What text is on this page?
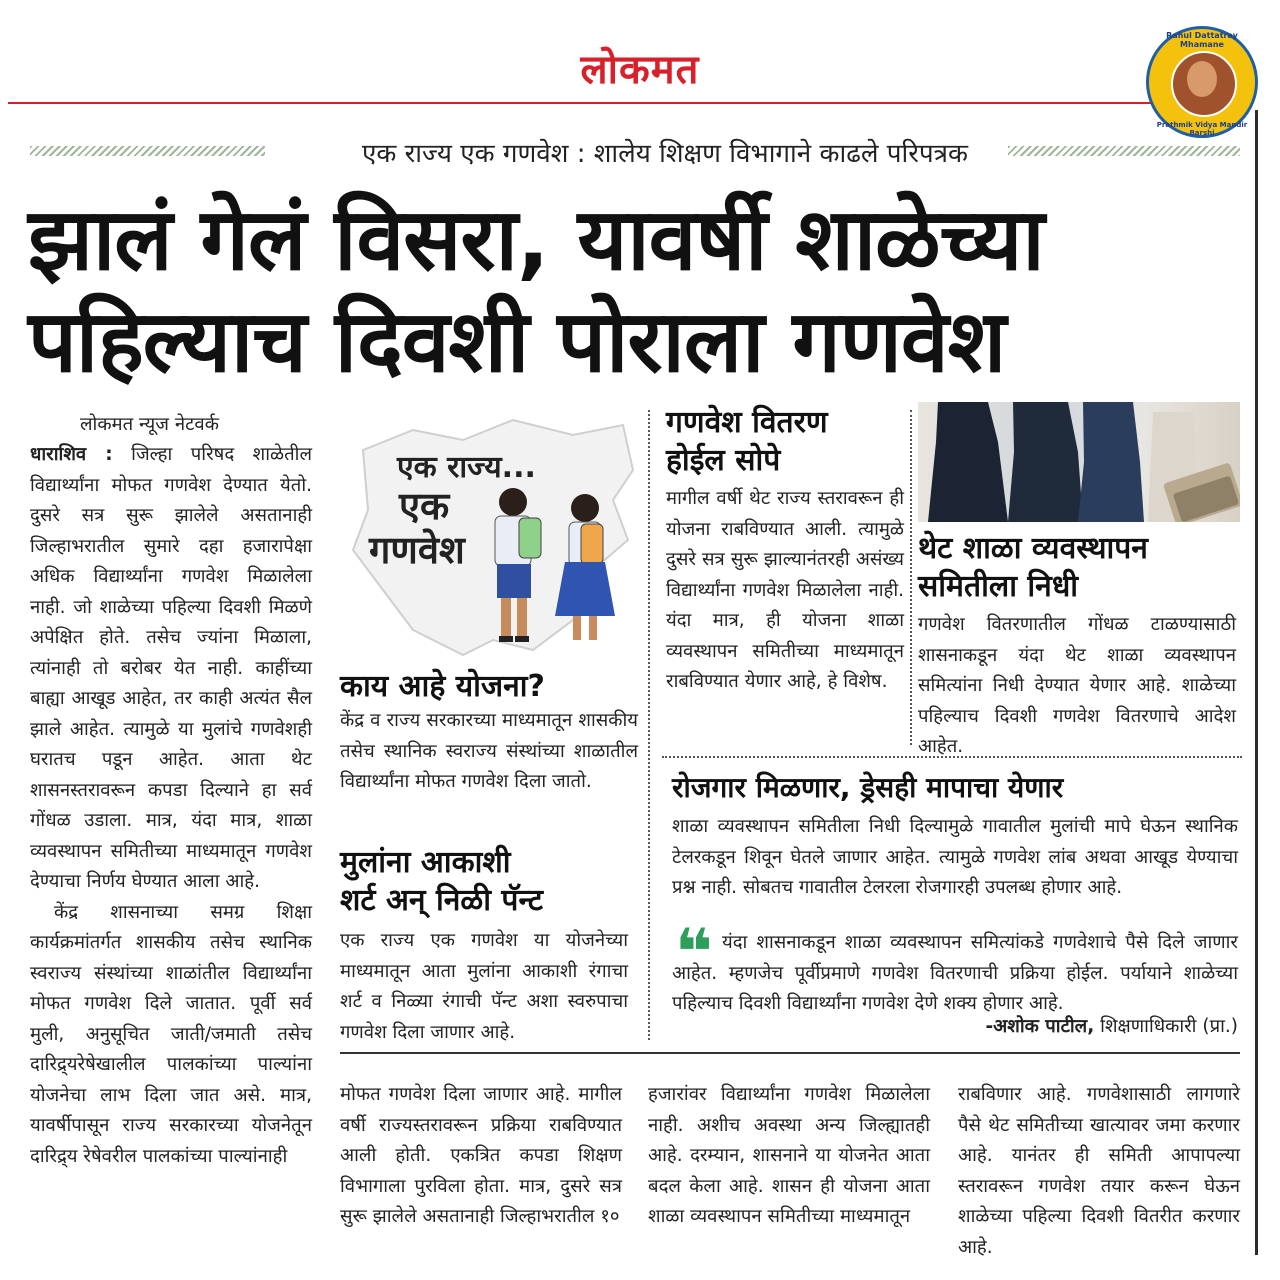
लोकमत
Rahul Dattatray Mhamane
Prathmik Vidya Mandir Barshi
एक राज्य एक गणवेश : शालेय शिक्षण विभागाने काढले परिपत्रक
झालं गेलं विसरा, यावर्षी शाळेच्या
पहिल्याच दिवशी पोराला गणवेश
लोकमत न्यूज नेटवर्क

धाराशिव : जिल्हा परिषद शाळेतील विद्यार्थ्यांना मोफत गणवेश देण्यात येतो. दुसरे सत्र सुरू झालेले असतानाही जिल्हाभरातील सुमारे दहा हजारापेक्षा अधिक विद्यार्थ्यांना गणवेश मिळालेला नाही. जो शाळेच्या पहिल्या दिवशी मिळणे अपेक्षित होते. तसेच ज्यांना मिळाला, त्यांनाही तो बरोबर येत नाही. काहींच्या बाह्या आखूड आहेत, तर काही अत्यंत सैल झाले आहेत. त्यामुळे या मुलांचे गणवेशही घरातच पडून आहेत. आता थेट शासनस्तरावरून कपडा दिल्याने हा सर्व गोंधळ उडाला. मात्र, यंदा मात्र, शाळा व्यवस्थापन समितीच्या माध्यमातून गणवेश देण्याचा निर्णय घेण्यात आला आहे.

केंद्र शासनाच्या समग्र शिक्षा कार्यक्रमांतर्गत शासकीय तसेच स्थानिक स्वराज्य संस्थांच्या शाळांतील विद्यार्थ्यांना मोफत गणवेश दिले जातात. पूर्वी सर्व मुली, अनुसूचित जाती/जमाती तसेच दारिद्र्यरेषेखालील पालकांच्या पाल्यांना योजनेचा लाभ दिला जात असे. मात्र, यावर्षीपासून राज्य सरकारच्या योजनेतून दारिद्र्य रेषेवरील पालकांच्या पाल्यांनाही

एक राज्य...
एक
गणवेश
काय आहे योजना?
केंद्र व राज्य सरकारच्या माध्यमातून शासकीय तसेच स्थानिक स्वराज्य संस्थांच्या शाळातील विद्यार्थ्यांना मोफत गणवेश दिला जातो.
मुलांना आकाशी
शर्ट अन् निळी पॅन्ट
एक राज्य एक गणवेश या योजनेच्या माध्यमातून आता मुलांना आकाशी रंगाचा शर्ट व निळ्या रंगाची पॅन्ट अशा स्वरुपाचा गणवेश दिला जाणार आहे.
गणवेश वितरण
होईल सोपे
मागील वर्षी थेट राज्य स्तरावरून ही योजना राबविण्यात आली. त्यामुळे दुसरे सत्र सुरू झाल्यानंतरही असंख्य विद्यार्थ्यांना गणवेश मिळालेला नाही. यंदा मात्र, ही योजना शाळा व्यवस्थापन समितीच्या माध्यमातून राबविण्यात येणार आहे, हे विशेष.
थेट शाळा व्यवस्थापन
समितीला निधी
गणवेश वितरणातील गोंधळ टाळण्यासाठी शासनाकडून यंदा थेट शाळा व्यवस्थापन समित्यांना निधी देण्यात येणार आहे. शाळेच्या पहिल्याच दिवशी गणवेश वितरणाचे आदेश आहेत.
रोजगार मिळणार, ड्रेसही मापाचा येणार
शाळा व्यवस्थापन समितीला निधी दिल्यामुळे गावातील मुलांची मापे घेऊन स्थानिक टेलरकडून शिवून घेतले जाणार आहेत. त्यामुळे गणवेश लांब अथवा आखूड येण्याचा प्रश्न नाही. सोबतच गावातील टेलरला रोजगारही उपलब्ध होणार आहे.
❝ यंदा शासनाकडून शाळा व्यवस्थापन समित्यांकडे गणवेशाचे पैसे दिले जाणार आहेत. म्हणजेच पूर्वीप्रमाणे गणवेश वितरणाची प्रक्रिया होईल. पर्यायाने शाळेच्या पहिल्याच दिवशी विद्यार्थ्यांना गणवेश देणे शक्य होणार आहे.
-अशोक पाटील, शिक्षणाधिकारी (प्रा.)
मोफत गणवेश दिला जाणार आहे. मागील वर्षी राज्यस्तरावरून प्रक्रिया राबविण्यात आली होती. एकत्रित कपडा शिक्षण विभागाला पुरविला होता. मात्र, दुसरे सत्र सुरू झालेले असतानाही जिल्हाभरातील १०
हजारांवर विद्यार्थ्यांना गणवेश मिळालेला नाही. अशीच अवस्था अन्य जिल्ह्यातही आहे. दरम्यान, शासनाने या योजनेत आता बदल केला आहे. शासन ही योजना आता शाळा व्यवस्थापन समितीच्या माध्यमातून
राबविणार आहे. गणवेशासाठी लागणारे पैसे थेट समितीच्या खात्यावर जमा करणार आहे. यानंतर ही समिती आपापल्या स्तरावरून गणवेश तयार करून घेऊन शाळेच्या पहिल्या दिवशी वितरीत करणार आहे.
